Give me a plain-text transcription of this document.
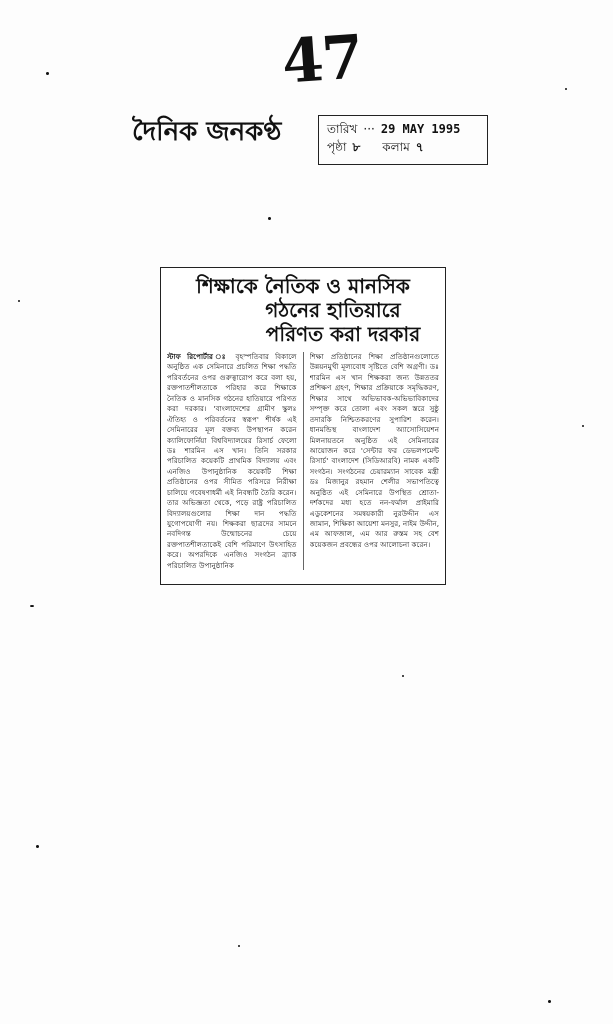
47
দৈনিক জনকণ্ঠ	তারিখ ··· 29 MAY 1995
পৃষ্ঠা ৮ কলাম ৭
শিক্ষাকে নৈতিক ও মানসিক
গঠনের হাতিয়ারে
পরিণত করা দরকার
স্টাফ রিপোর্টার ঃ বৃহস্পতিবার বিকালে অনুষ্ঠিত এক সেমিনারে প্রচলিত শিক্ষা পদ্ধতি পরিবর্তনের ওপর গুরুত্বারোপ করে বলা হয়, রক্তপাতশীলতাকে পরিহার করে শিক্ষাকে নৈতিক ও মানসিক গঠনের হাতিয়ারে পরিণত করা দরকার। 'বাংলাদেশের গ্রামীণ স্কুলঃ ঐতিহ্য ও পরিবর্তনের স্বরূপ' শীর্ষক এই সেমিনারের মূল বক্তব্য উপস্থাপন করেন ক্যালিফোর্নিয়া বিশ্ববিদ্যালয়ের রিসার্চ ফেলো ডঃ শারমিন এস খান। তিনি সরকার পরিচালিত কয়েকটি প্রাথমিক বিদ্যালয় এবং এনজিও উপানুষ্ঠানিক কয়েকটি শিক্ষা প্রতিষ্ঠানের ওপর সীমিত পরিসরে নিরীক্ষা চালিয়ে গবেষণাধর্মী এই নিবন্ধটি তৈরি করেন। তার অভিজ্ঞতা থেকে, পড়ে রাষ্ট্র পরিচালিত বিদ্যালয়গুলোর শিক্ষা দান পদ্ধতি যুগোপযোগী নয়। শিক্ষকরা ছাত্রদের সামনে নবদিগন্ত উন্মোচনের চেয়ে রক্তপাতশীলতাকেই বেশি পরিমাণে উৎসাহিত করে। অপরদিকে এনজিও সংগঠন ব্র্যাক পরিচালিত উপানুষ্ঠানিক
শিক্ষা প্রতিষ্ঠানের শিক্ষা প্রতিষ্ঠানগুলোতে উন্নয়নমুখী মূল্যবোধ সৃষ্টিতে বেশি অগ্রণী। ডঃ শারমিন এস খান শিক্ষকরা জন্য উন্নততর প্রশিক্ষণ গ্রহণ, শিক্ষার প্রক্রিয়াকে সমৃদ্ধিকরণ, শিক্ষার সাথে অভিভাবক-অভিভাবিকাদের সম্পৃক্ত করে তোলা এবং সকল স্তরে সুষ্ঠু তদারকি নিশ্চিতকরণের সুপারিশ করেন। ধানমন্ডিস্থ বাংলাদেশ অ্যাসোসিয়েশন মিলনায়তনে অনুষ্ঠিত এই সেমিনারের আয়োজন করে 'সেন্টার ফর ডেভলপমেন্ট রিসার্চ' বাংলাদেশ (সিডিআরবি) নামক একটি সংগঠন। সংগঠনের চেয়ারম্যান সাবেক মন্ত্রী ডঃ মিজানুর রহমান শেলীর সভাপতিত্বে অনুষ্ঠিত এই সেমিনারে উপস্থিত শ্রোতা-দর্শকদের মধ্য হতে নন-ফর্মাল প্রাইমারি এডুকেশনের সমন্বয়কারী নুরউদ্দীন এস জামান, শিক্ষিকা আয়েশা মনসুর, নাইম উদ্দীন, এম আফজাল, এম আর রুস্তম সহ বেশ কয়েকজন প্রবন্ধের ওপর আলোচনা করেন।
